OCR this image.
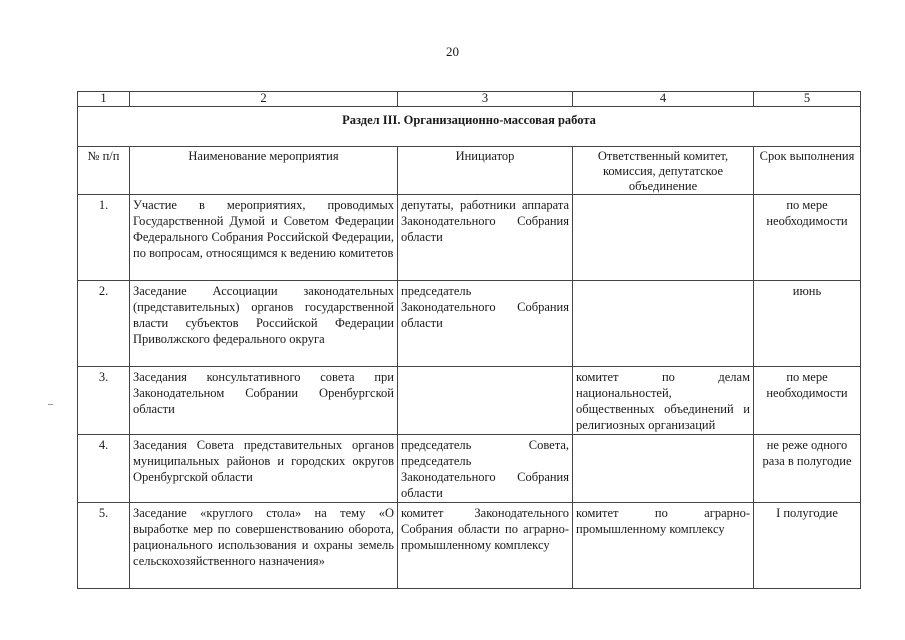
20
1	2	3	4	5
Раздел III. Организационно-массовая работа				
№ п/п	Наименование мероприятия	Инициатор	Ответственный комитет, комиссия, депутатское объединение	Срок выполнения
1.	Участие в мероприятиях, проводимых Государственной Думой и Советом Федерации Федерального Собрания Российской Федерации, по вопросам, относящимся к ведению комитетов	депутаты, работники аппарата Законодательного Собрания области		по мере необходимости
2.	Заседание Ассоциации законодательных (представительных) органов государственной власти субъектов Российской Федерации Приволжского федерального округа	председатель Законодательного Собрания области		июнь
3.	Заседания консультативного совета при Законодательном Собрании Оренбургской области		комитет по делам национальностей, общественных объединений и религиозных организаций	по мере необходимости
4.	Заседания Совета представительных органов муниципальных районов и городских округов Оренбургской области	председатель Совета, председатель Законодательного Собрания области		не реже одного раза в полугодие
5.	Заседание «круглого стола» на тему «О выработке мер по совершенствованию оборота, рационального использования и охраны земель сельскохозяйственного назначения»	комитет Законодательного Собрания области по аграрно-промышленному комплексу	комитет по аграрно-промышленному комплексу	I полугодие
